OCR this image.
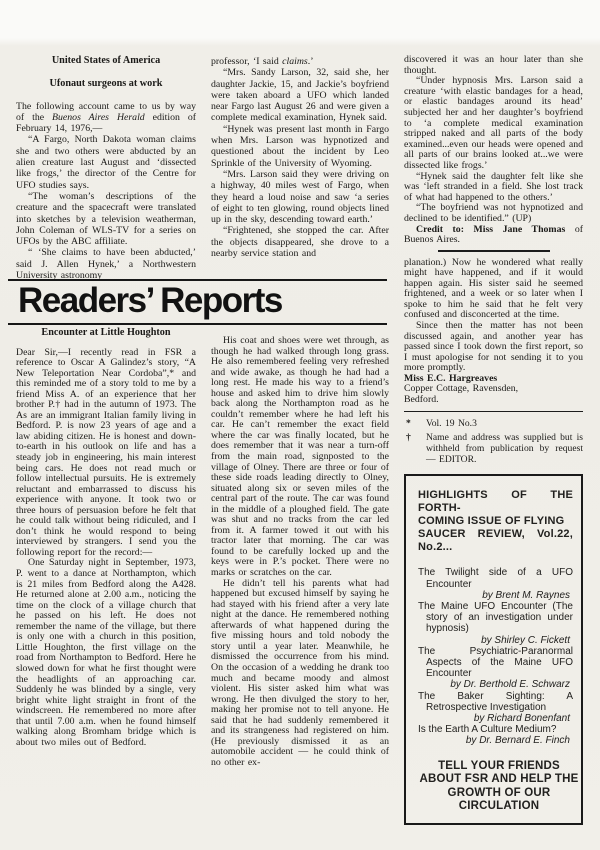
United States of America

Ufonaut surgeons at work

The following account came to us by way of the Buenos Aires Herald edition of February 14, 1976,—

“A Fargo, North Dakota woman claims she and two others were abducted by an alien creature last August and ‘dissected like frogs,’ the director of the Centre for UFO studies says.

“The woman’s descriptions of the creature and the spacecraft were translated into sketches by a television weatherman, John Coleman of WLS-TV for a series on UFOs by the ABC affiliate.

“ ‘She claims to have been abducted,’ said J. Allen Hynek,’ a Northwestern University astronomy

professor, ‘I said claims.’

“Mrs. Sandy Larson, 32, said she, her daughter Jackie, 15, and Jackie’s boyfriend were taken aboard a UFO which landed near Fargo last August 26 and were given a complete medical examination, Hynek said.

“Hynek was present last month in Fargo when Mrs. Larson was hypnotized and questioned about the incident by Leo Sprinkle of the University of Wyoming.

“Mrs. Larson said they were driving on a highway, 40 miles west of Fargo, when they heard a loud noise and saw ‘a series of eight to ten glowing, round objects lined up in the sky, descending toward earth.’

“Frightened, she stopped the car. After the objects disappeared, she drove to a nearby service station and

discovered it was an hour later than she thought.

“Under hypnosis Mrs. Larson said a creature ‘with elastic bandages for a head, or elastic bandages around its head’ subjected her and her daughter’s boyfriend to ‘a complete medical examination stripped naked and all parts of the body examined...even our heads were opened and all parts of our brains looked at...we were dissected like frogs.’

“Hynek said the daughter felt like she was ‘left stranded in a field. She lost track of what had happened to the others.’

“The boyfriend was not hypnotized and declined to be identified.” (UP)

Credit to: Miss Jane Thomas of Buenos Aires.

planation.) Now he wondered what really might have happened, and if it would happen again. His sister said he seemed frightened, and a week or so later when I spoke to him he said that he felt very confused and disconcerted at the time.

Since then the matter has not been discussed again, and another year has passed since I took down the first report, so I must apologise for not sending it to you more promptly.

Miss E.C. Hargreaves

Copper Cottage, Ravensden,

Bedford.

* Vol. 19 No.3
† Name and address was supplied but is withheld from publication by request — EDITOR.
HIGHLIGHTS OF THE FORTH-
COMING ISSUE OF FLYING
SAUCER REVIEW, Vol.22, No.2...
The Twilight side of a UFO Encounter
by Brent M. Raynes
The Maine UFO Encounter (The story of an investigation under hypnosis)
by Shirley C. Fickett
The Psychiatric-Paranormal Aspects of the Maine UFO Encounter
by Dr. Berthold E. Schwarz
The Baker Sighting: A Retrospective Investigation
by Richard Bonenfant
Is the Earth A Culture Medium?
by Dr. Bernard E. Finch
TELL YOUR FRIENDS ABOUT FSR AND HELP THE GROWTH OF OUR CIRCULATION
Readers’ Reports

Encounter at Little Houghton

Dear Sir,—I recently read in FSR a reference to Oscar A Galindez’s story, “A New Teleportation Near Cordoba”,* and this reminded me of a story told to me by a friend Miss A. of an experience that her brother P.† had in the autumn of 1973. The As are an immigrant Italian family living in Bedford. P. is now 23 years of age and a law abiding citizen. He is honest and down-to-earth in his outlook on life and has a steady job in engineering, his main interest being cars. He does not read much or follow intellectual pursuits. He is extremely reluctant and embarrassed to discuss his experience with anyone. It took two or three hours of persuasion before he felt that he could talk without being ridiculed, and I don’t think he would respond to being interviewed by strangers. I send you the following report for the record:—

One Saturday night in September, 1973, P. went to a dance at Northampton, which is 21 miles from Bedford along the A428. He returned alone at 2.00 a.m., noticing the time on the clock of a village church that he passed on his left. He does not remember the name of the village, but there is only one with a church in this position, Little Houghton, the first village on the road from Northampton to Bedford. Here he slowed down for what he first thought were the headlights of an approaching car. Suddenly he was blinded by a single, very bright white light straight in front of the windscreen. He remembered no more after that until 7.00 a.m. when he found himself walking along Bromham bridge which is about two miles out of Bedford.

His coat and shoes were wet through, as though he had walked through long grass. He also remembered feeling very refreshed and wide awake, as though he had had a long rest. He made his way to a friend’s house and asked him to drive him slowly back along the Northampton road as he couldn’t remember where he had left his car. He can’t remember the exact field where the car was finally located, but he does remember that it was near a turn-off from the main road, signposted to the village of Olney. There are three or four of these side roads leading directly to Olney, situated along six or seven miles of the central part of the route. The car was found in the middle of a ploughed field. The gate was shut and no tracks from the car led from it. A farmer towed it out with his tractor later that morning. The car was found to be carefully locked up and the keys were in P.’s pocket. There were no marks or scratches on the car.

He didn’t tell his parents what had happened but excused himself by saying he had stayed with his friend after a very late night at the dance. He remembered nothing afterwards of what happened during the five missing hours and told nobody the story until a year later. Meanwhile, he dismissed the occurrence from his mind. On the occasion of a wedding he drank too much and became moody and almost violent. His sister asked him what was wrong. He then divulged the story to her, making her promise not to tell anyone. He said that he had suddenly remembered it and its strangeness had registered on him. (He previously dismissed it as an automobile accident — he could think of no other ex-
